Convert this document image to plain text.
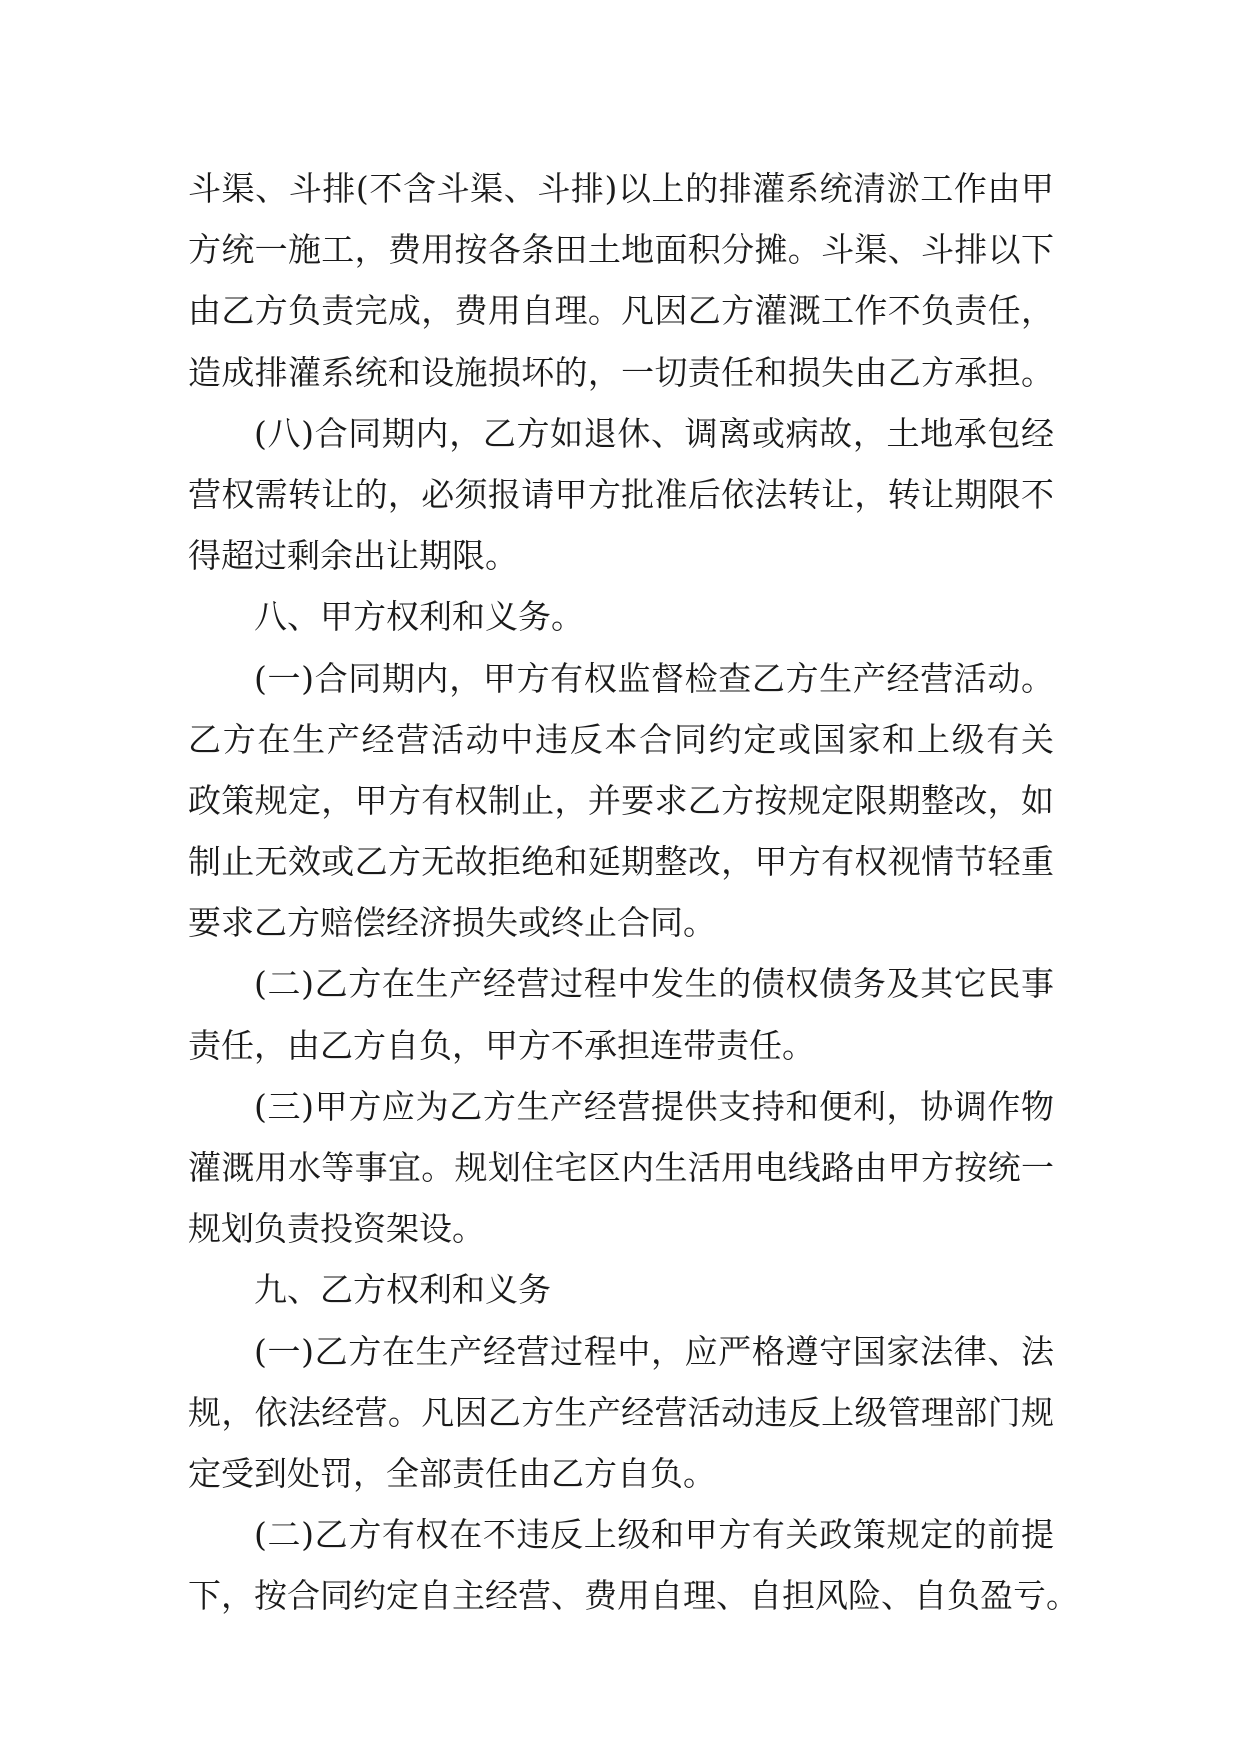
斗渠、斗排(不含斗渠、斗排)以上的排灌系统清淤工作由甲
方统一施工，费用按各条田土地面积分摊。斗渠、斗排以下
由乙方负责完成，费用自理。凡因乙方灌溉工作不负责任，
造成排灌系统和设施损坏的，一切责任和损失由乙方承担。
(八)合同期内，乙方如退休、调离或病故，土地承包经
营权需转让的，必须报请甲方批准后依法转让，转让期限不
得超过剩余出让期限。
八、甲方权利和义务。
(一)合同期内，甲方有权监督检查乙方生产经营活动。
乙方在生产经营活动中违反本合同约定或国家和上级有关
政策规定，甲方有权制止，并要求乙方按规定限期整改，如
制止无效或乙方无故拒绝和延期整改，甲方有权视情节轻重
要求乙方赔偿经济损失或终止合同。
(二)乙方在生产经营过程中发生的债权债务及其它民事
责任，由乙方自负，甲方不承担连带责任。
(三)甲方应为乙方生产经营提供支持和便利，协调作物
灌溉用水等事宜。规划住宅区内生活用电线路由甲方按统一
规划负责投资架设。
九、乙方权利和义务
(一)乙方在生产经营过程中，应严格遵守国家法律、法
规，依法经营。凡因乙方生产经营活动违反上级管理部门规
定受到处罚，全部责任由乙方自负。
(二)乙方有权在不违反上级和甲方有关政策规定的前提
下，按合同约定自主经营、费用自理、自担风险、自负盈亏。
